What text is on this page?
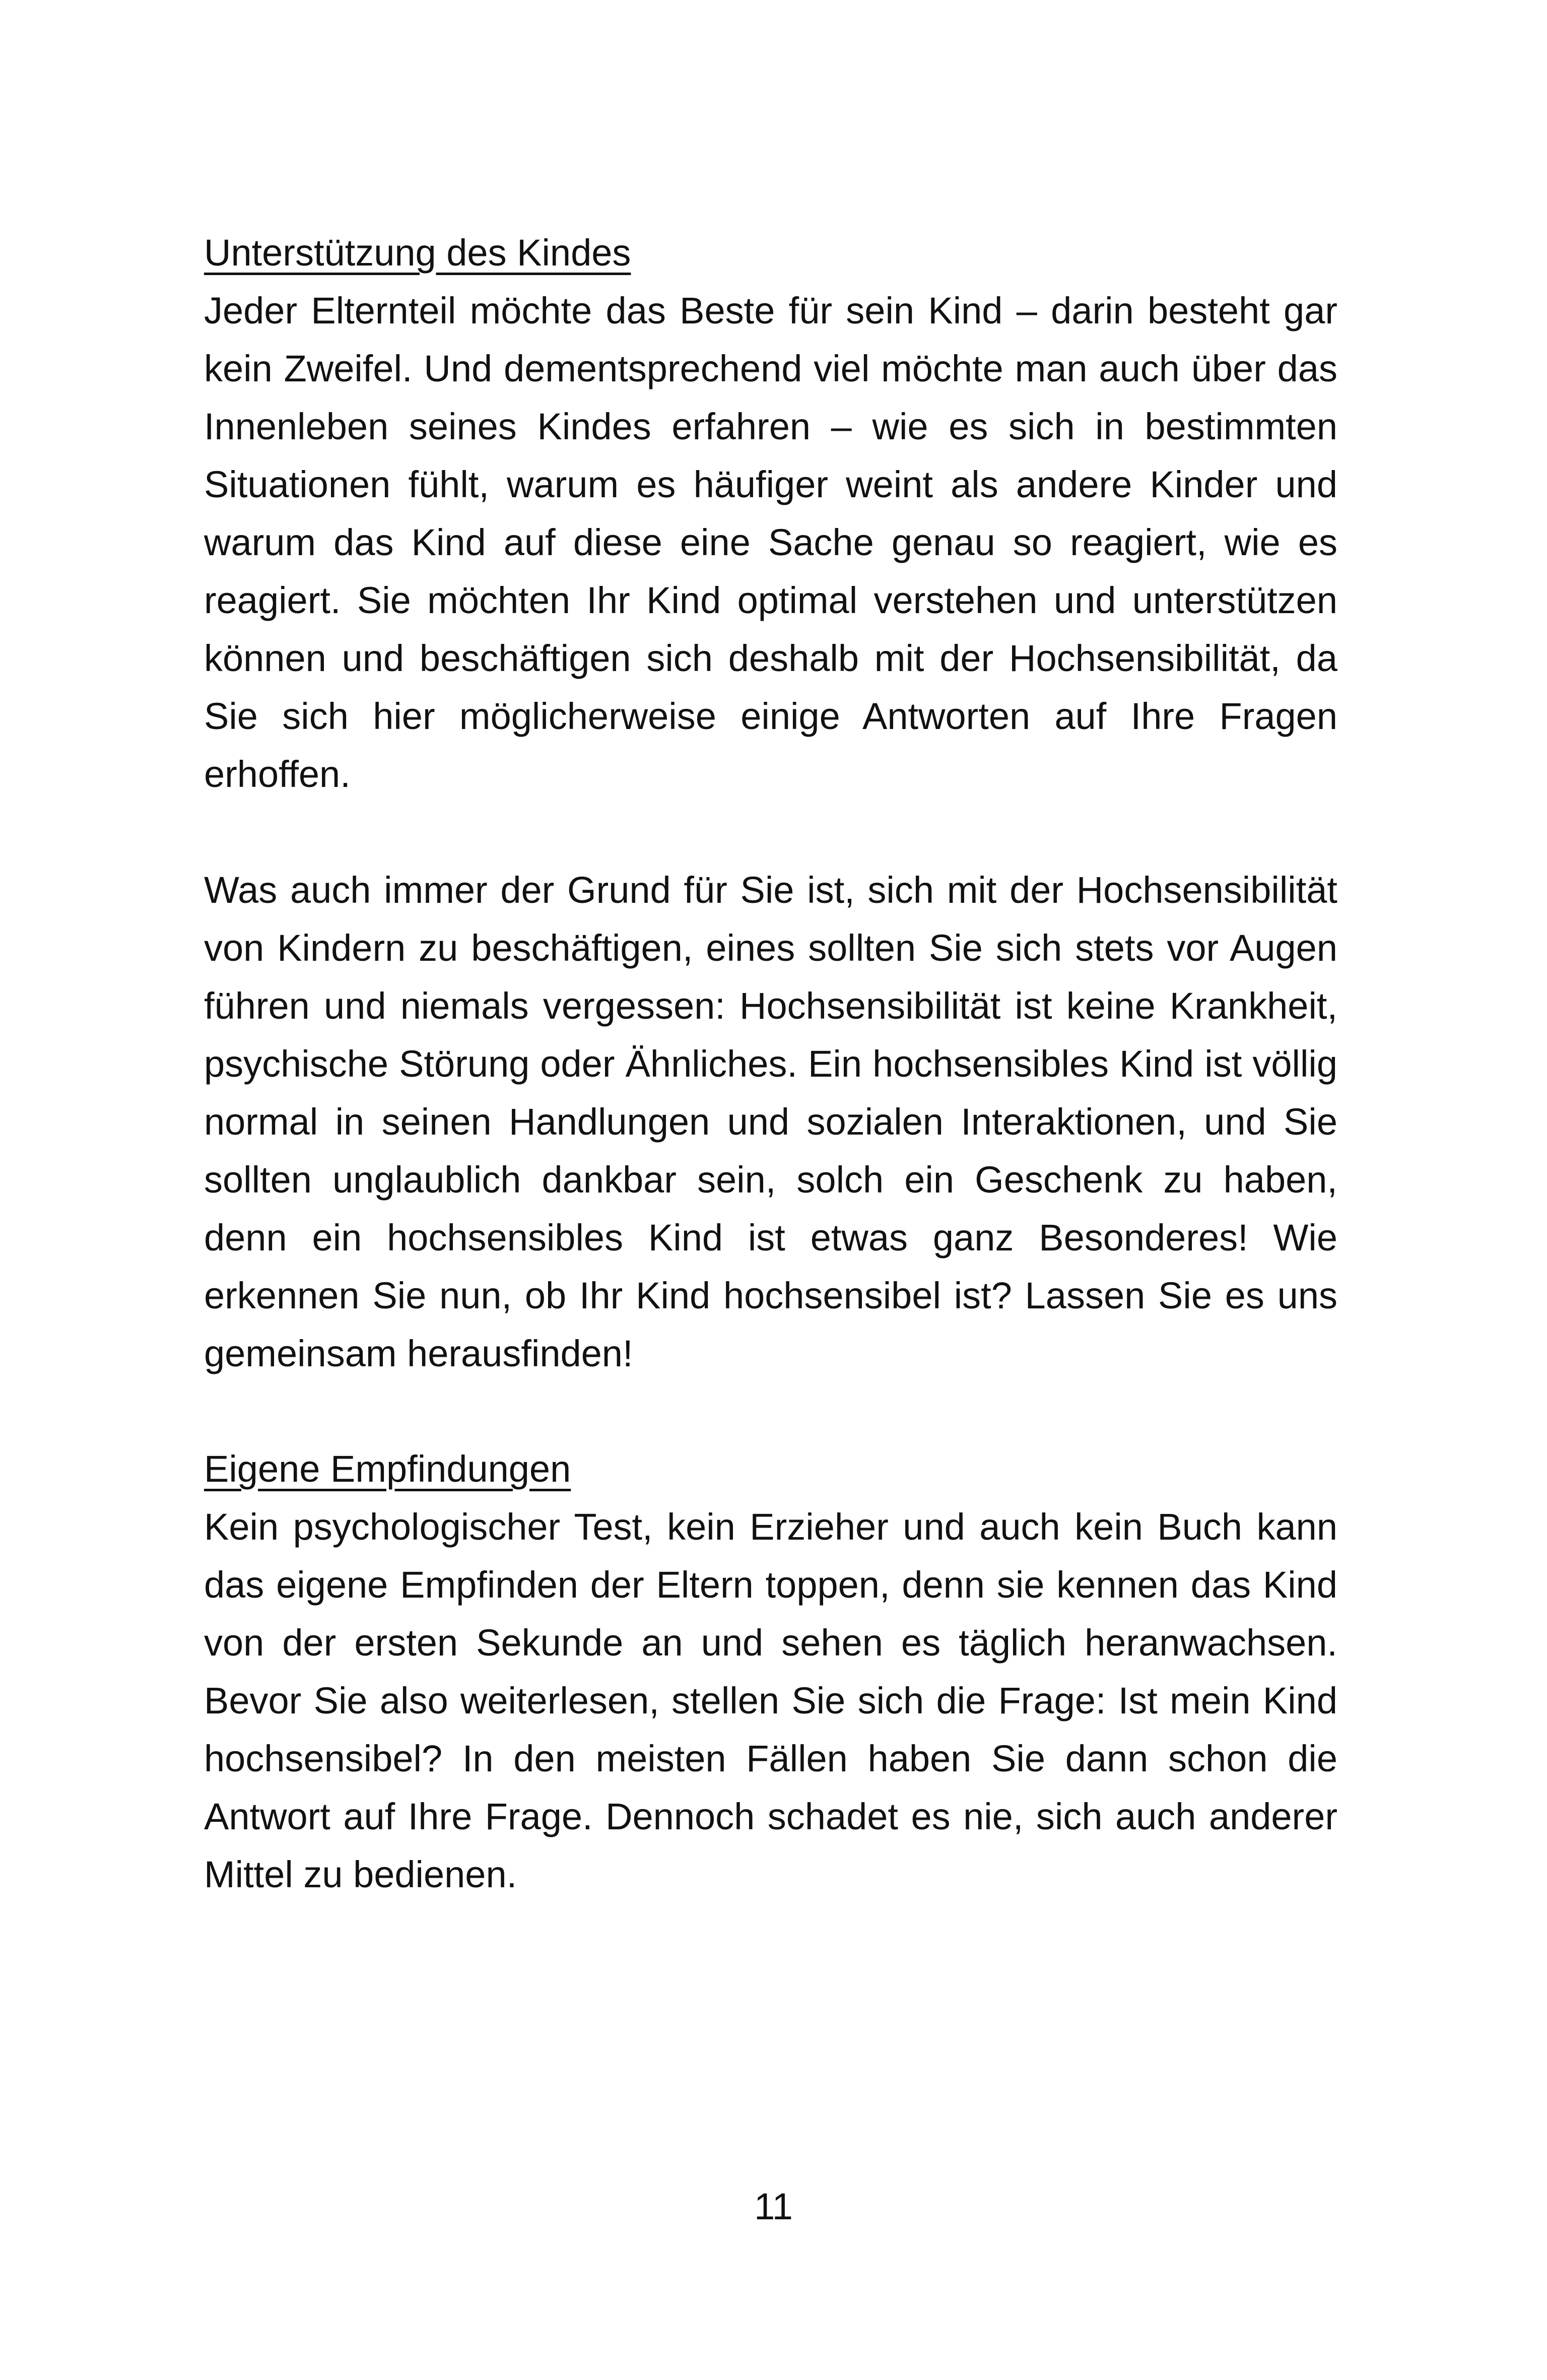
Unterstützung des Kindes

Jeder Elternteil möchte das Beste für sein Kind – darin besteht gar kein Zweifel. Und dementsprechend viel möchte man auch über das Innenleben seines Kindes erfahren – wie es sich in bestimmten Situationen fühlt, warum es häufiger weint als andere Kinder und warum das Kind auf diese eine Sache genau so reagiert, wie es reagiert. Sie möchten Ihr Kind optimal verstehen und unterstützen können und beschäftigen sich deshalb mit der Hochsensibilität, da Sie sich hier möglicherweise einige Antworten auf Ihre Fragen erhoffen.

Was auch immer der Grund für Sie ist, sich mit der Hochsensibilität von Kindern zu beschäftigen, eines sollten Sie sich stets vor Augen führen und niemals vergessen: Hochsensibilität ist keine Krankheit, psychische Störung oder Ähnliches. Ein hochsensibles Kind ist völlig normal in seinen Handlungen und sozialen Interaktionen, und Sie sollten unglaublich dankbar sein, solch ein Geschenk zu haben, denn ein hochsensibles Kind ist etwas ganz Besonderes! Wie erkennen Sie nun, ob Ihr Kind hochsensibel ist? Lassen Sie es uns gemeinsam herausfinden!

Eigene Empfindungen

Kein psychologischer Test, kein Erzieher und auch kein Buch kann das eigene Empfinden der Eltern toppen, denn sie kennen das Kind von der ersten Sekunde an und sehen es täglich heranwachsen. Bevor Sie also weiterlesen, stellen Sie sich die Frage: Ist mein Kind hochsensibel? In den meisten Fällen haben Sie dann schon die Antwort auf Ihre Frage. Dennoch schadet es nie, sich auch anderer Mittel zu bedienen.

11
